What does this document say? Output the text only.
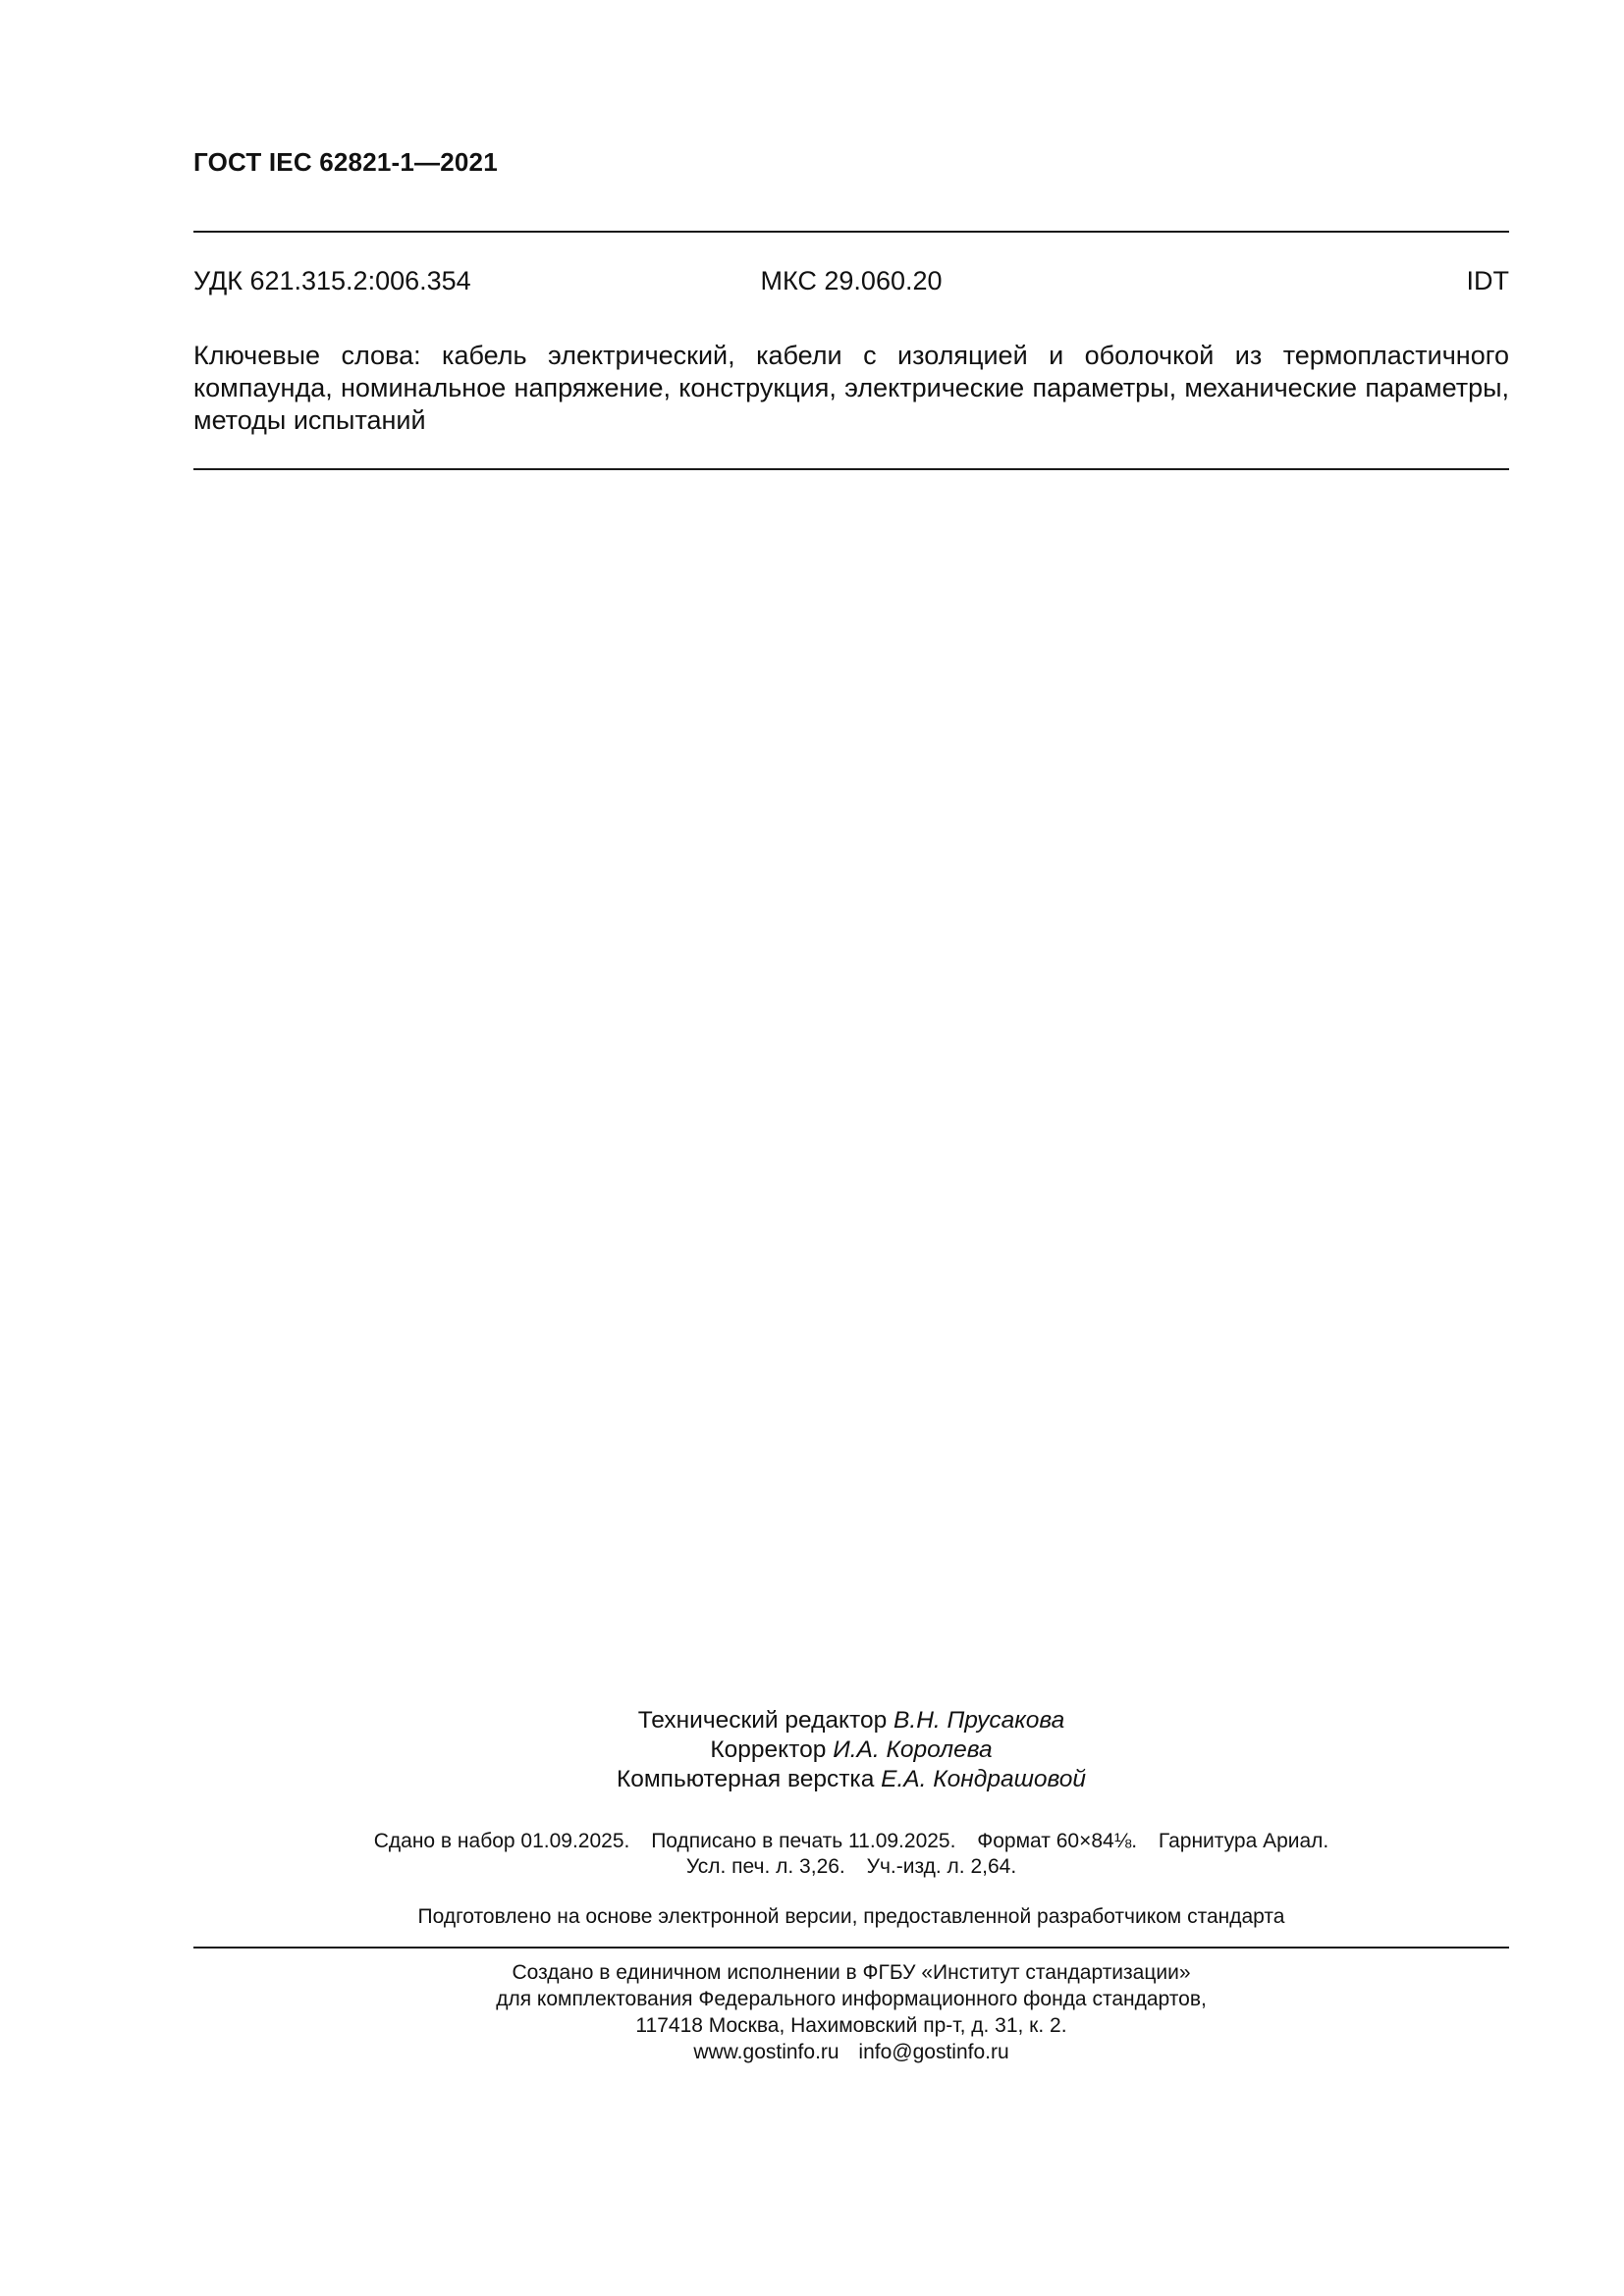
ГОСТ IEC 62821-1—2021
УДК 621.315.2:006.354	МКС 29.060.20	IDT
Ключевые слова: кабель электрический, кабели с изоляцией и оболочкой из термопластичного компаунда, номинальное напряжение, конструкция, электрические параметры, механические параметры, методы испытаний
Технический редактор В.Н. Прусакова
Корректор И.А. Королева
Компьютерная верстка Е.А. Кондрашовой
Сдано в набор 01.09.2025. Подписано в печать 11.09.2025. Формат 60×84⅛. Гарнитура Ариал.
Усл. печ. л. 3,26. Уч.-изд. л. 2,64.
Подготовлено на основе электронной версии, предоставленной разработчиком стандарта
Создано в единичном исполнении в ФГБУ «Институт стандартизации»
для комплектования Федерального информационного фонда стандартов,
117418 Москва, Нахимовский пр-т, д. 31, к. 2.
www.gostinfo.ru info@gostinfo.ru
